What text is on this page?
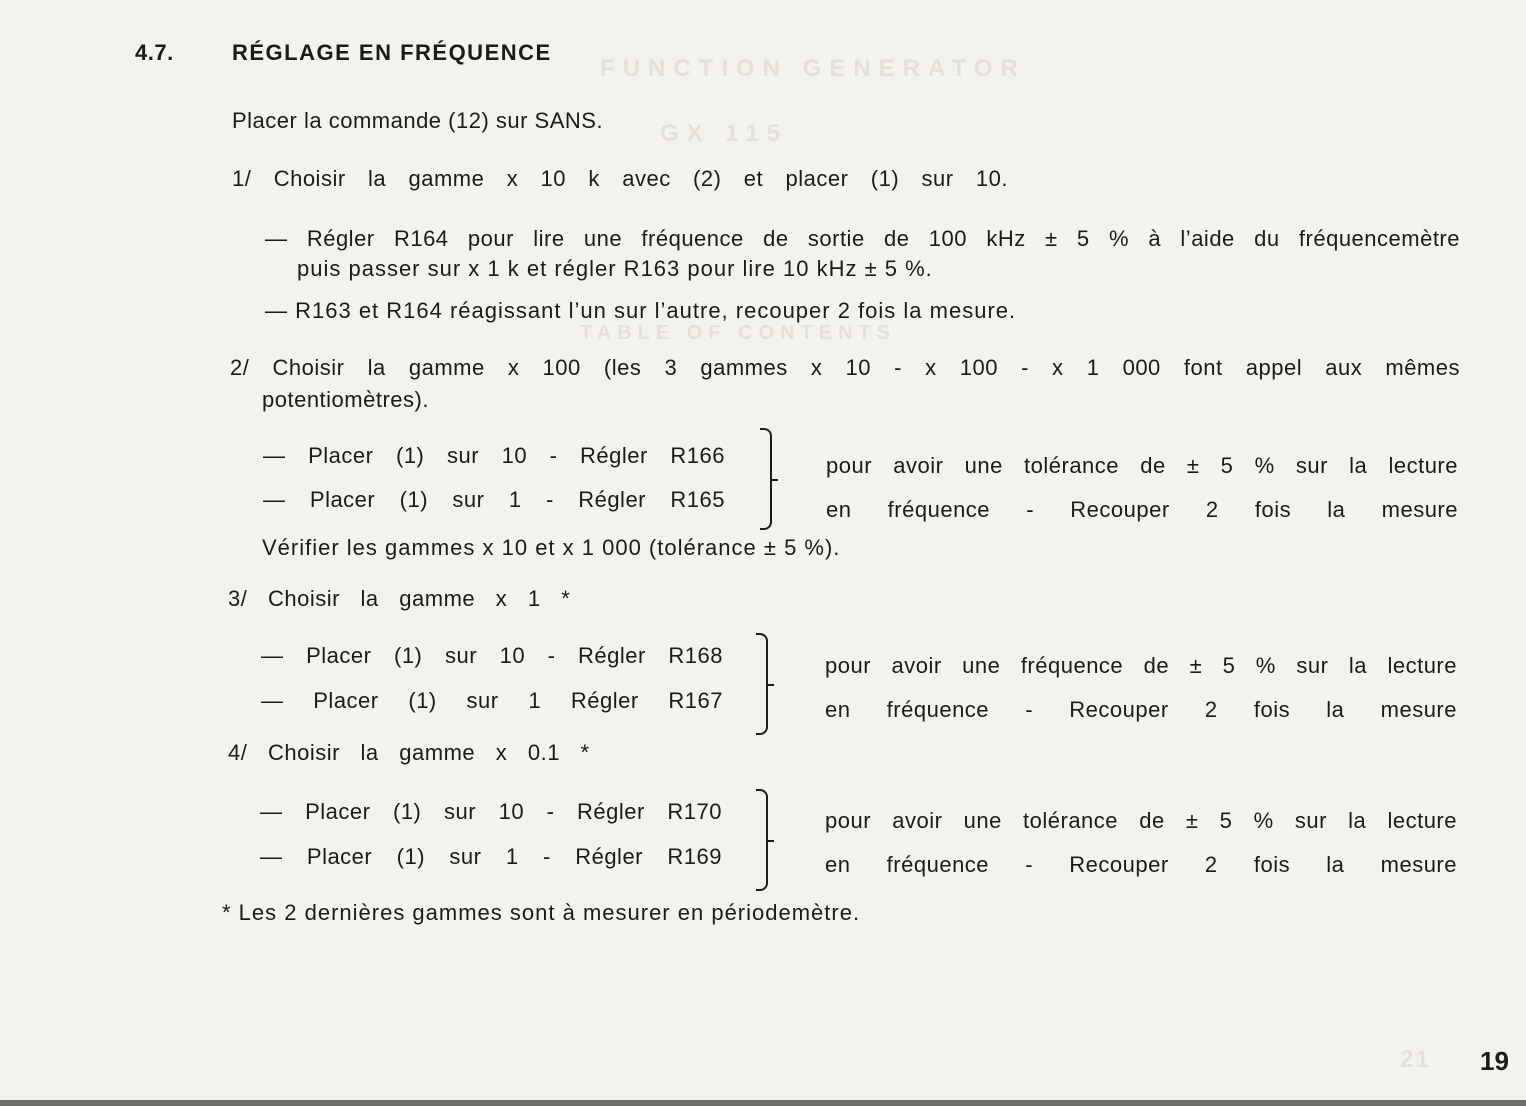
FUNCTION GENERATOR
GX 115
TABLE OF CONTENTS
21
4.7.	RÉGLAGE EN FRÉQUENCE
Placer la commande (12) sur SANS.
1/ Choisir la gamme x 10 k avec (2) et placer (1) sur 10.
— Régler R164 pour lire une fréquence de sortie de 100 kHz ± 5 % à l’aide du fréquencemètre
puis passer sur x 1 k et régler R163 pour lire 10 kHz ± 5 %.
— R163 et R164 réagissant l’un sur l’autre, recouper 2 fois la mesure.
2/ Choisir la gamme x 100 (les 3 gammes x 10 - x 100 - x 1 000 font appel aux mêmes
potentiomètres).
— Placer (1) sur 10 - Régler R166
— Placer (1) sur 1 - Régler R165
pour avoir une tolérance de ± 5 % sur la lecture
en fréquence - Recouper 2 fois la mesure
Vérifier les gammes x 10 et x 1 000 (tolérance ± 5 %).
3/ Choisir la gamme x 1 *
— Placer (1) sur 10 - Régler R168
— Placer (1) sur 1 Régler R167
pour avoir une fréquence de ± 5 % sur la lecture
en fréquence - Recouper 2 fois la mesure
4/ Choisir la gamme x 0.1 *
— Placer (1) sur 10 - Régler R170
— Placer (1) sur 1 - Régler R169
pour avoir une tolérance de ± 5 % sur la lecture
en fréquence - Recouper 2 fois la mesure
* Les 2 dernières gammes sont à mesurer en périodemètre.
19
